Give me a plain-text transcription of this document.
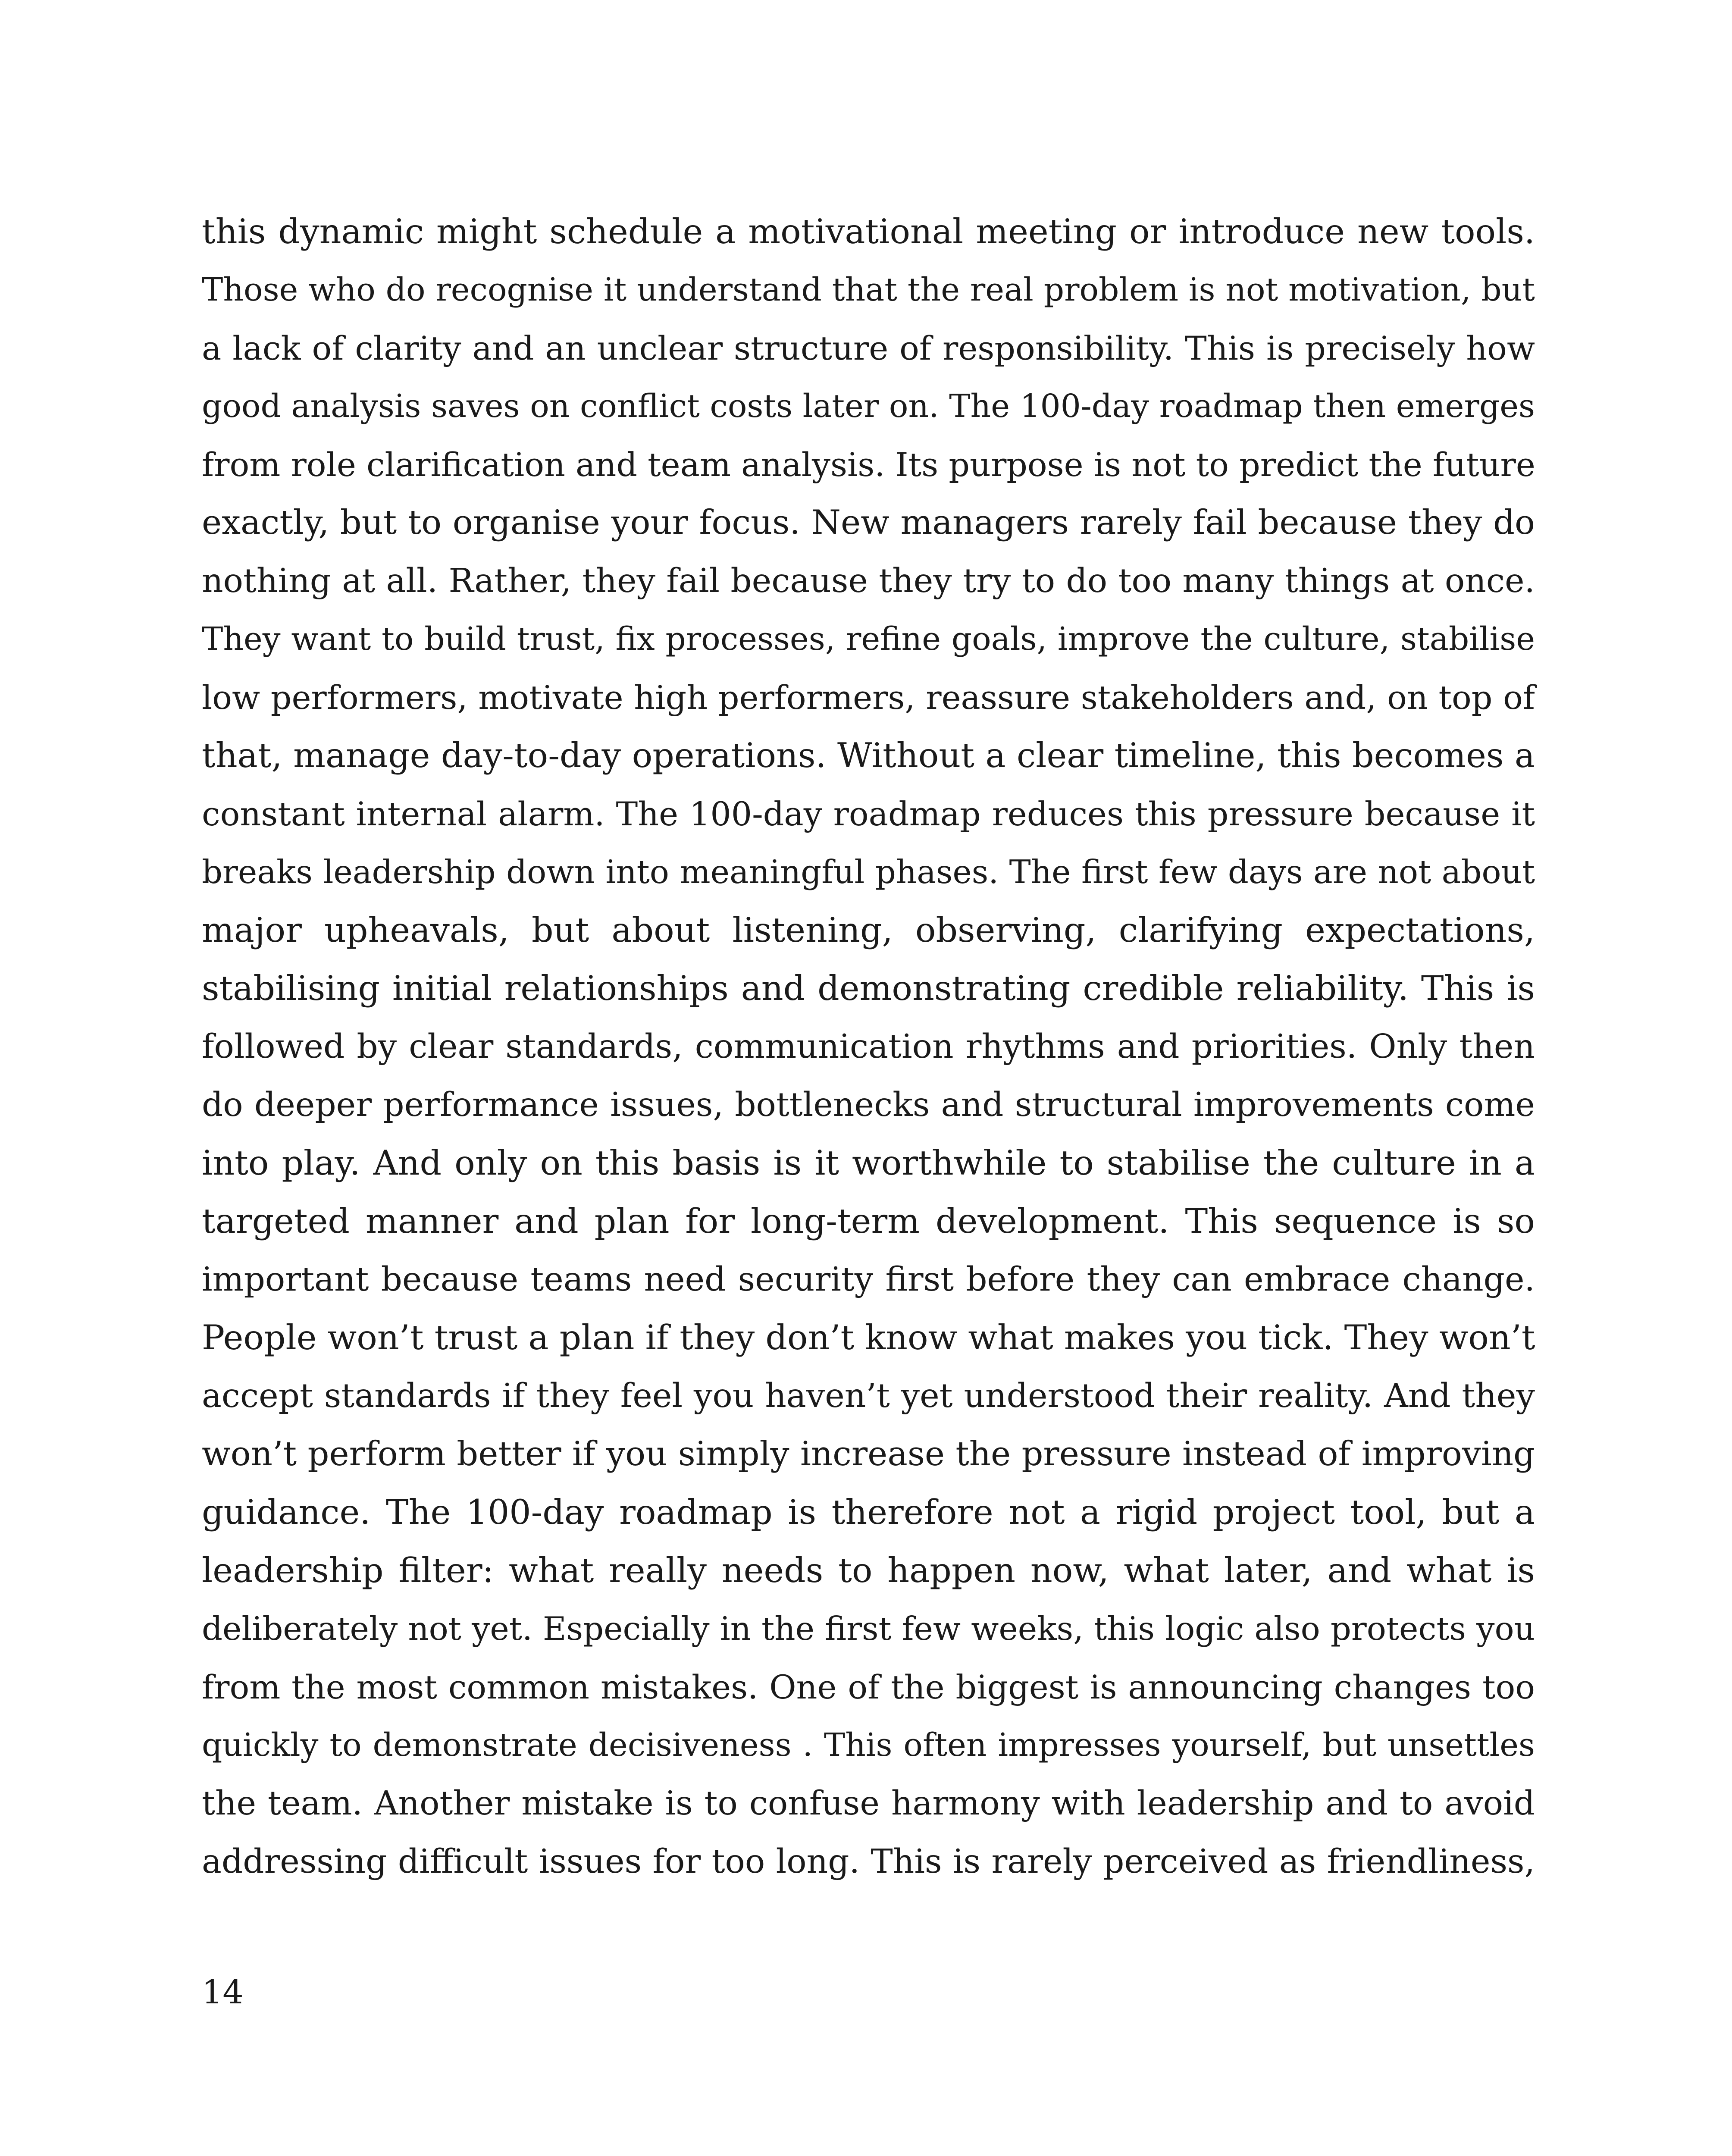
this dynamic might schedule a motivational meeting or introduce new tools.
Those who do recognise it understand that the real problem is not motivation, but
a lack of clarity and an unclear structure of responsibility. This is precisely how
good analysis saves on conflict costs later on. The 100-day roadmap then emerges
from role clarification and team analysis. Its purpose is not to predict the future
exactly, but to organise your focus. New managers rarely fail because they do
nothing at all. Rather, they fail because they try to do too many things at once.
They want to build trust, fix processes, refine goals, improve the culture, stabilise
low performers, motivate high performers, reassure stakeholders and, on top of
that, manage day-to-day operations. Without a clear timeline, this becomes a
constant internal alarm. The 100-day roadmap reduces this pressure because it
breaks leadership down into meaningful phases. The first few days are not about
major upheavals, but about listening, observing, clarifying expectations,
stabilising initial relationships and demonstrating credible reliability. This is
followed by clear standards, communication rhythms and priorities. Only then
do deeper performance issues, bottlenecks and structural improvements come
into play. And only on this basis is it worthwhile to stabilise the culture in a
targeted manner and plan for long-term development. This sequence is so
important because teams need security first before they can embrace change.
People won’t trust a plan if they don’t know what makes you tick. They won’t
accept standards if they feel you haven’t yet understood their reality. And they
won’t perform better if you simply increase the pressure instead of improving
guidance. The 100-day roadmap is therefore not a rigid project tool, but a
leadership filter: what really needs to happen now, what later, and what is
deliberately not yet. Especially in the first few weeks, this logic also protects you
from the most common mistakes. One of the biggest is announcing changes too
quickly to demonstrate decisiveness . This often impresses yourself, but unsettles
the team. Another mistake is to confuse harmony with leadership and to avoid
addressing difficult issues for too long. This is rarely perceived as friendliness,
14
